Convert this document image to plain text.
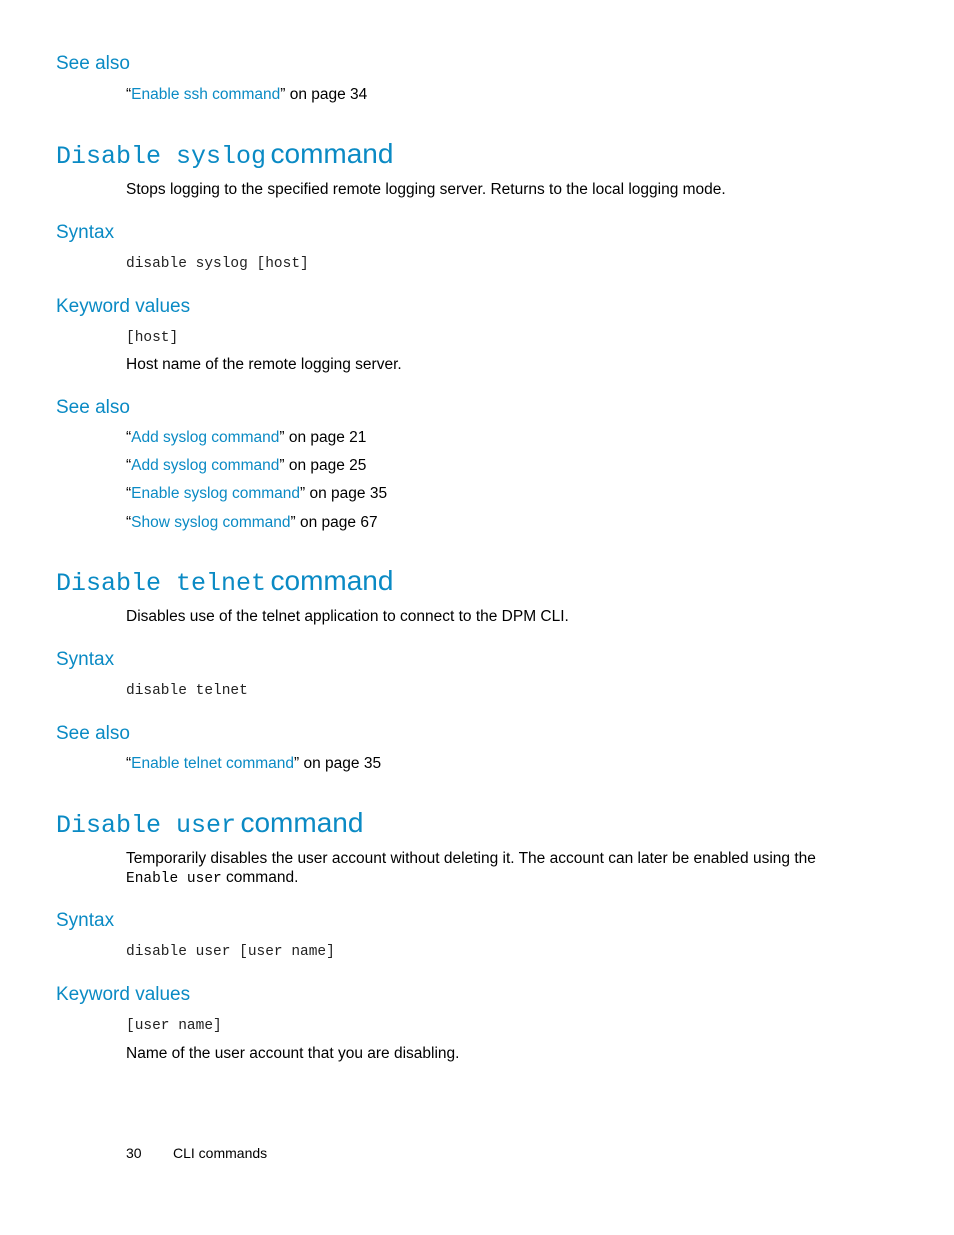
See also
“Enable ssh command” on page 34
Disable syslog command
Stops logging to the specified remote logging server. Returns to the local logging mode.
Syntax
disable syslog [host]
Keyword values
[host]
Host name of the remote logging server.
See also
“Add syslog command” on page 21
“Add syslog command” on page 25
“Enable syslog command” on page 35
“Show syslog command” on page 67
Disable telnet command
Disables use of the telnet application to connect to the DPM CLI.
Syntax
disable telnet
See also
“Enable telnet command” on page 35
Disable user command
Temporarily disables the user account without deleting it. The account can later be enabled using the
Enable user command.
Syntax
disable user [user name]
Keyword values
[user name]
Name of the user account that you are disabling.
30 CLI commands
